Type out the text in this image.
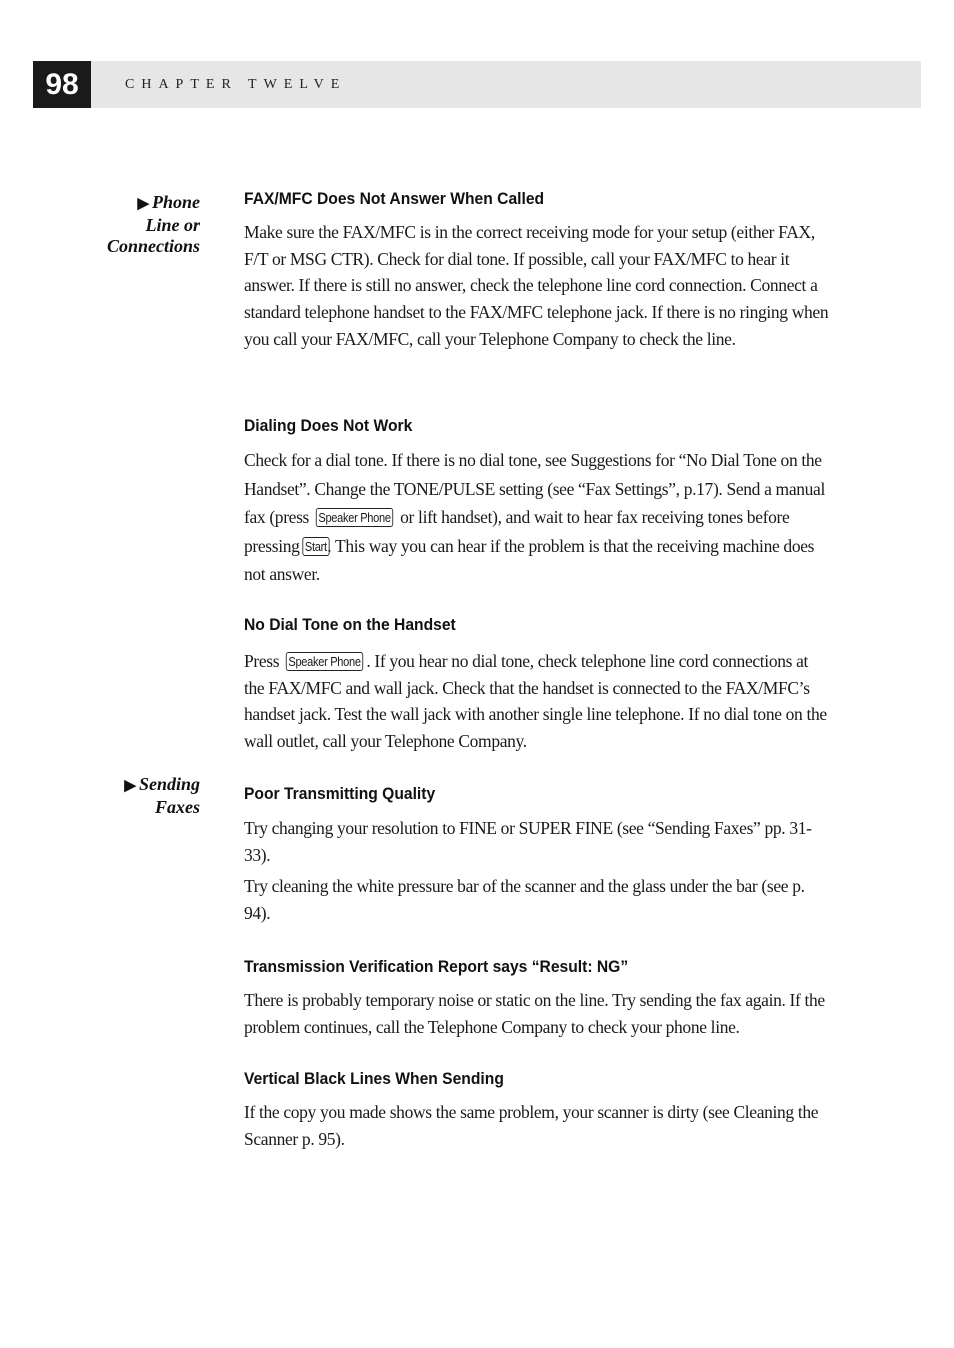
98	CHAPTER TWELVE
▶ Phone
Line or
Connections
▶ Sending
Faxes
FAX/MFC Does Not Answer When Called

Make sure the FAX/MFC is in the correct receiving mode for your setup (either FAX, F/T or MSG CTR). Check for dial tone. If possible, call your FAX/MFC to hear it answer. If there is still no answer, check the telephone line cord connection. Connect a standard telephone handset to the FAX/MFC telephone jack. If there is no ringing when you call your FAX/MFC, call your Telephone Company to check the line.

Dialing Does Not Work

Check for a dial tone. If there is no dial tone, see Suggestions for “No Dial Tone on the Handset”. Change the TONE/PULSE setting (see “Fax Settings”, p.17). Send a manual fax (press Speaker Phone or lift handset), and wait to hear fax receiving tones before pressing Start. This way you can hear if the problem is that the receiving machine does not answer.

No Dial Tone on the Handset

Press Speaker Phone . If you hear no dial tone, check telephone line cord connections at the FAX/MFC and wall jack. Check that the handset is connected to the FAX/MFC’s handset jack. Test the wall jack with another single line telephone. If no dial tone on the wall outlet, call your Telephone Company.

Poor Transmitting Quality

Try changing your resolution to FINE or SUPER FINE (see “Sending Faxes” pp. 31-33).

Try cleaning the white pressure bar of the scanner and the glass under the bar (see p. 94).

Transmission Verification Report says “Result: NG”

There is probably temporary noise or static on the line. Try sending the fax again. If the problem continues, call the Telephone Company to check your phone line.

Vertical Black Lines When Sending

If the copy you made shows the same problem, your scanner is dirty (see Cleaning the Scanner p. 95).
